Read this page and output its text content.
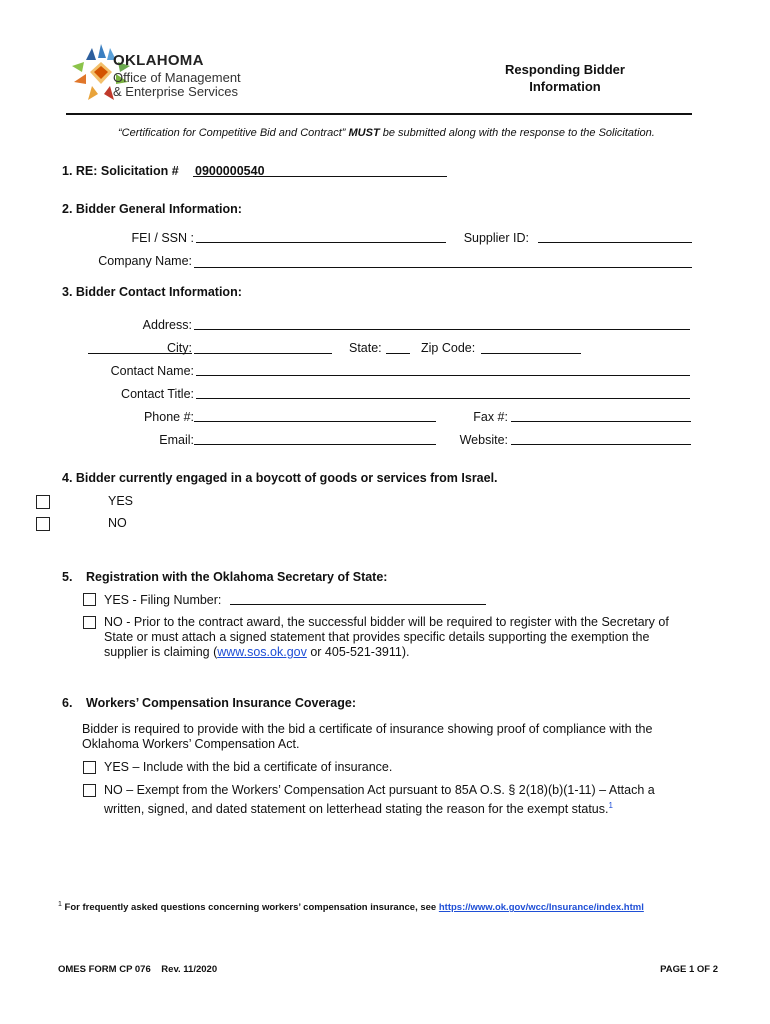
OKLAHOMA
Office of Management
& Enterprise Services
Responding Bidder
Information
“Certification for Competitive Bid and Contract” MUST be submitted along with the response to the Solicitation.
1. RE: Solicitation # 0900000540
2. Bidder General Information:
FEI / SSN :	Supplier ID:
Company Name:
3. Bidder Contact Information:
Address:
City:	State:	Zip Code:
Contact Name:
Contact Title:
Phone #:	Fax #:
Email:	Website:
4. Bidder currently engaged in a boycott of goods or services from Israel.
YES
NO
5. Registration with the Oklahoma Secretary of State:
YES - Filing Number:
NO - Prior to the contract award, the successful bidder will be required to register with the Secretary of
State or must attach a signed statement that provides specific details supporting the exemption the
supplier is claiming (www.sos.ok.gov or 405-521-3911).
6. Workers’ Compensation Insurance Coverage:
Bidder is required to provide with the bid a certificate of insurance showing proof of compliance with the
Oklahoma Workers’ Compensation Act.
YES – Include with the bid a certificate of insurance.
NO – Exempt from the Workers’ Compensation Act pursuant to 85A O.S. § 2(18)(b)(1-11) – Attach a
written, signed, and dated statement on letterhead stating the reason for the exempt status.$^1$
$^1$ For frequently asked questions concerning workers’ compensation insurance, see https://www.ok.gov/wcc/Insurance/index.html
OMES FORM CP 076    Rev. 11/2020	PAGE 1 OF 2
